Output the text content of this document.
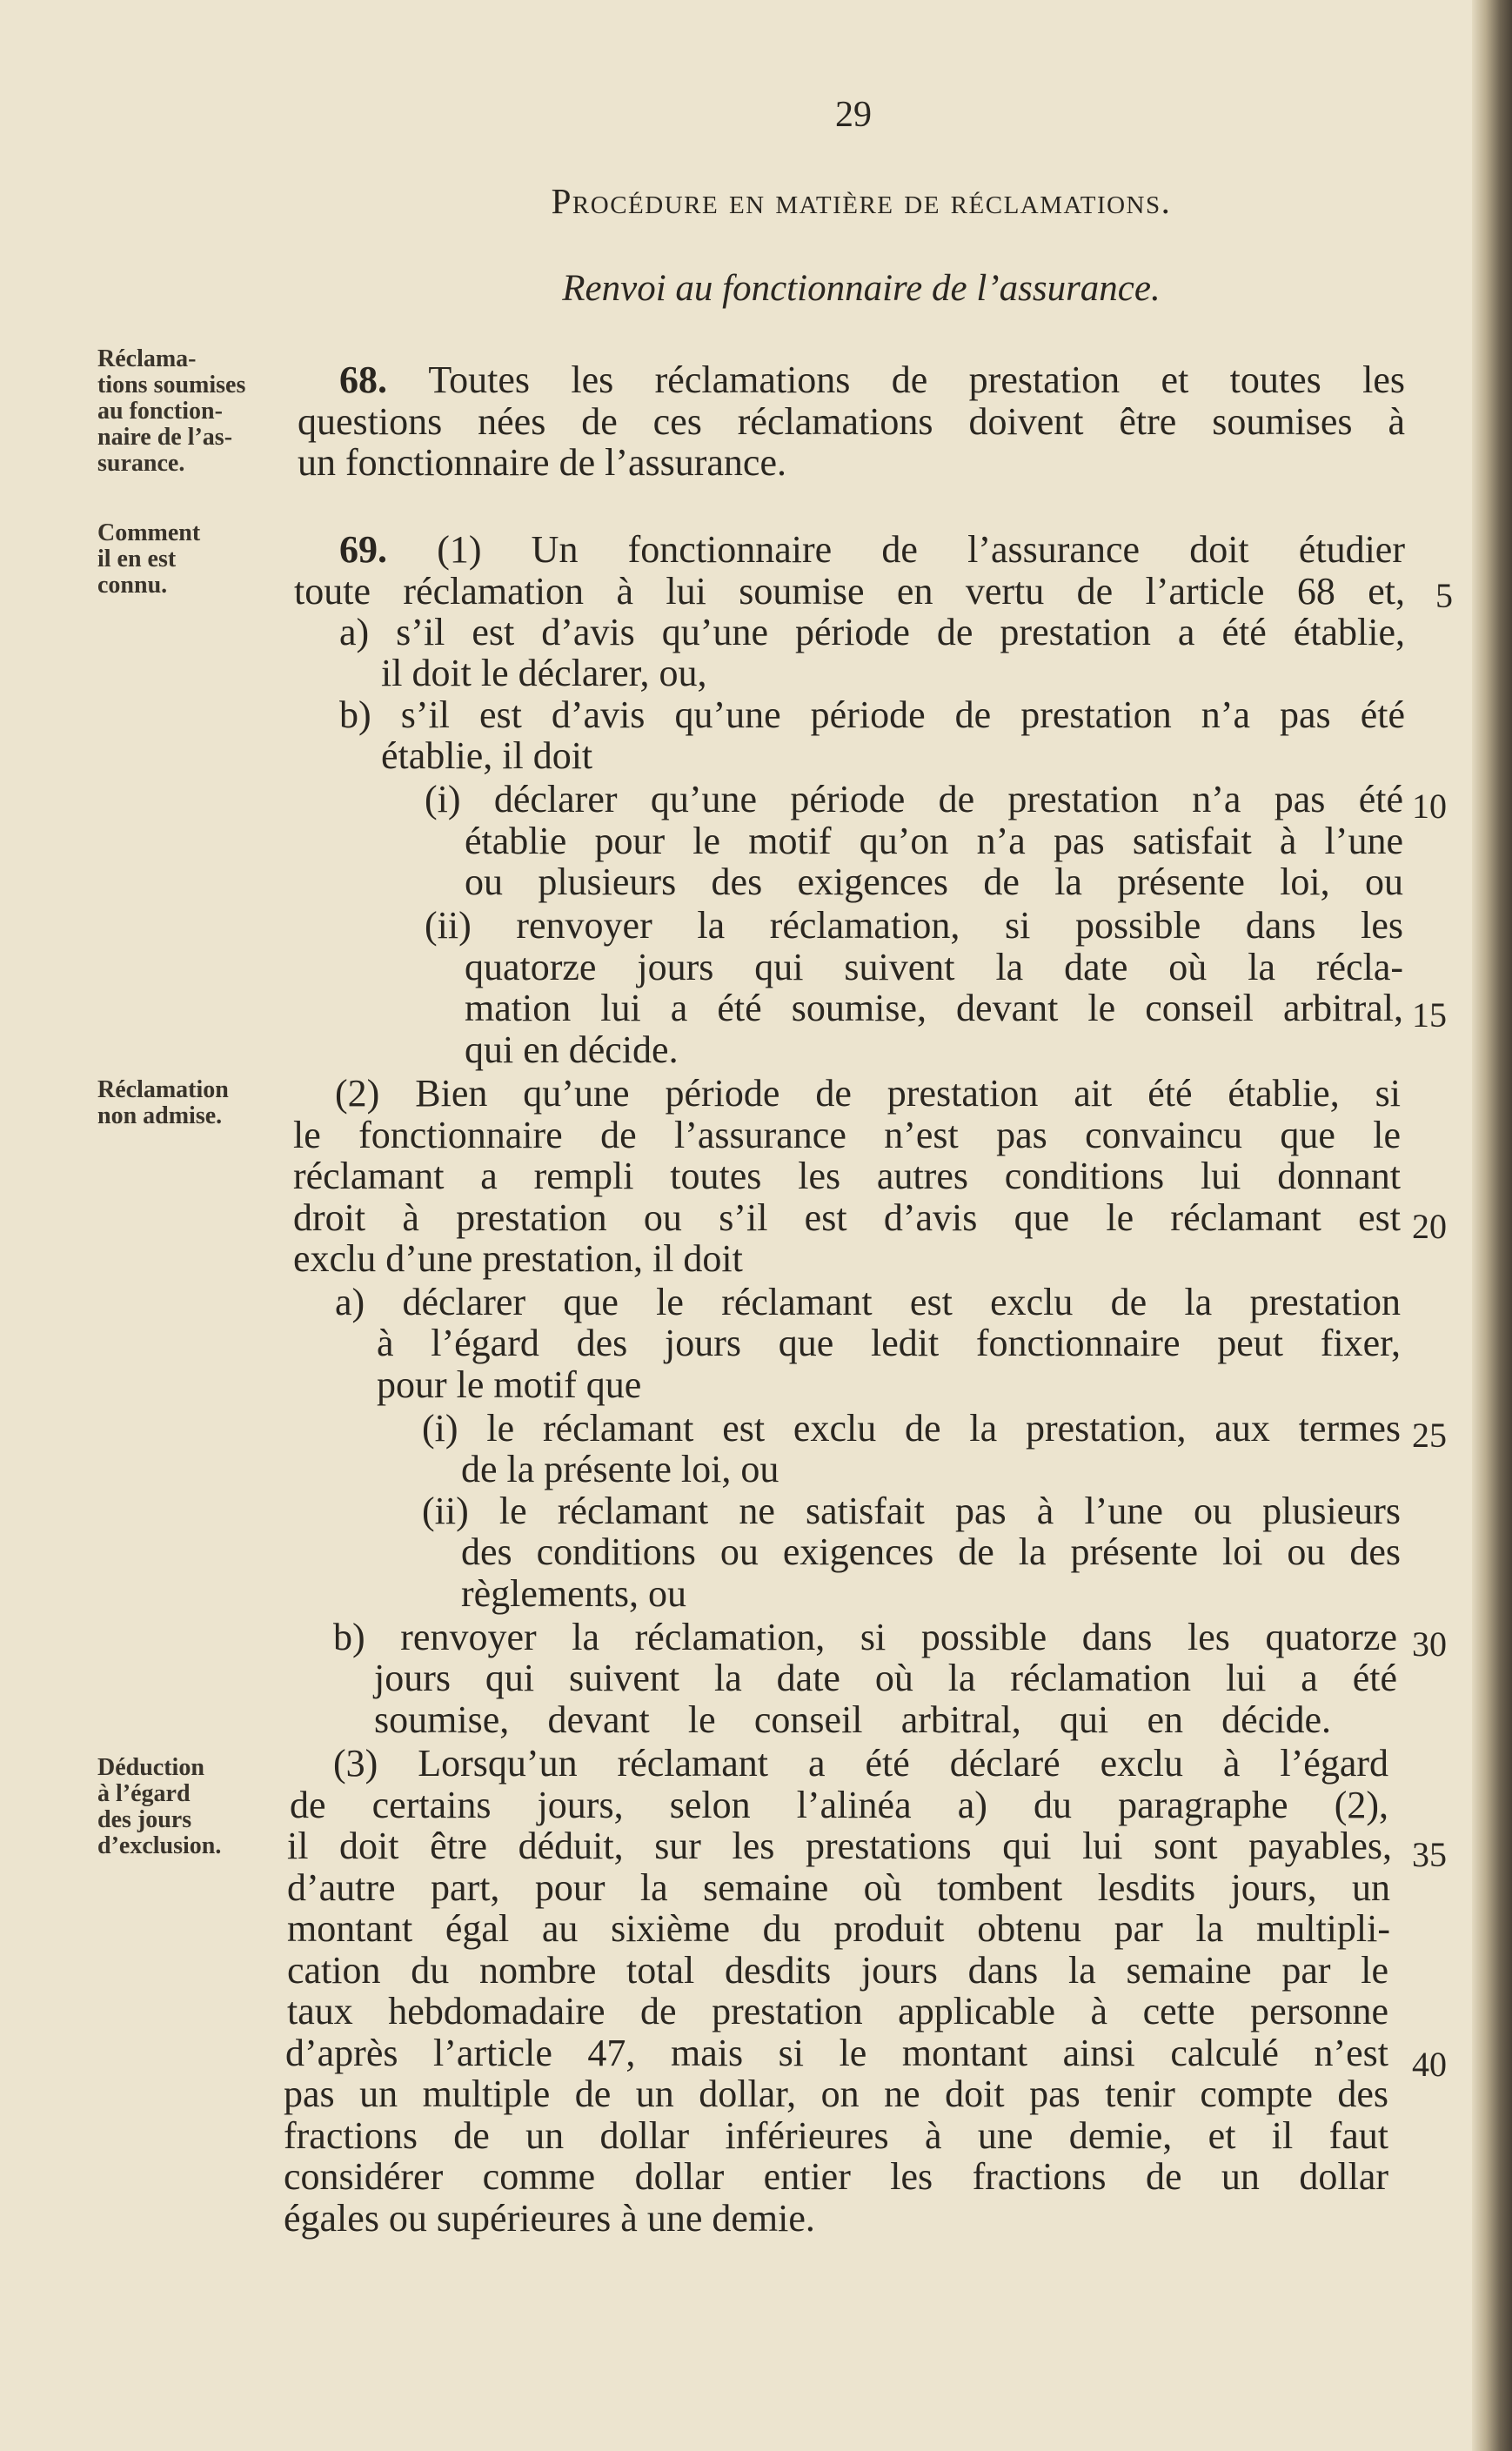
29
Procédure en matière de réclamations.
Renvoi au fonctionnaire de l’assurance.
Réclama-
tions soumises
au fonction-
naire de l’as-
surance.
Comment
il en est
connu.
Réclamation
non admise.
Déduction
à l’égard
des jours
d’exclusion.
68. Toutes les réclamations de prestation et toutes les
questions nées de ces réclamations doivent être soumises à
un fonctionnaire de l’assurance.
69. (1) Un fonctionnaire de l’assurance doit étudier
toute réclamation à lui soumise en vertu de l’article 68 et,
a) s’il est d’avis qu’une période de prestation a été établie,
il doit le déclarer, ou,
b) s’il est d’avis qu’une période de prestation n’a pas été
établie, il doit
(i) déclarer qu’une période de prestation n’a pas été
établie pour le motif qu’on n’a pas satisfait à l’une
ou plusieurs des exigences de la présente loi, ou
(ii) renvoyer la réclamation, si possible dans les
quatorze jours qui suivent la date où la récla-
mation lui a été soumise, devant le conseil arbitral,
qui en décide.
(2) Bien qu’une période de prestation ait été établie, si
le fonctionnaire de l’assurance n’est pas convaincu que le
réclamant a rempli toutes les autres conditions lui donnant
droit à prestation ou s’il est d’avis que le réclamant est
exclu d’une prestation, il doit
a) déclarer que le réclamant est exclu de la prestation
à l’égard des jours que ledit fonctionnaire peut fixer,
pour le motif que
(i) le réclamant est exclu de la prestation, aux termes
de la présente loi, ou
(ii) le réclamant ne satisfait pas à l’une ou plusieurs
des conditions ou exigences de la présente loi ou des
règlements, ou
b) renvoyer la réclamation, si possible dans les quatorze
jours qui suivent la date où la réclamation lui a été
soumise, devant le conseil arbitral, qui en décide.
(3) Lorsqu’un réclamant a été déclaré exclu à l’égard
de certains jours, selon l’alinéa a) du paragraphe (2),
il doit être déduit, sur les prestations qui lui sont payables,
d’autre part, pour la semaine où tombent lesdits jours, un
montant égal au sixième du produit obtenu par la multipli-
cation du nombre total desdits jours dans la semaine par le
taux hebdomadaire de prestation applicable à cette personne
d’après l’article 47, mais si le montant ainsi calculé n’est
pas un multiple de un dollar, on ne doit pas tenir compte des
fractions de un dollar inférieures à une demie, et il faut
considérer comme dollar entier les fractions de un dollar
égales ou supérieures à une demie.
5
10
15
20
25
30
35
40
